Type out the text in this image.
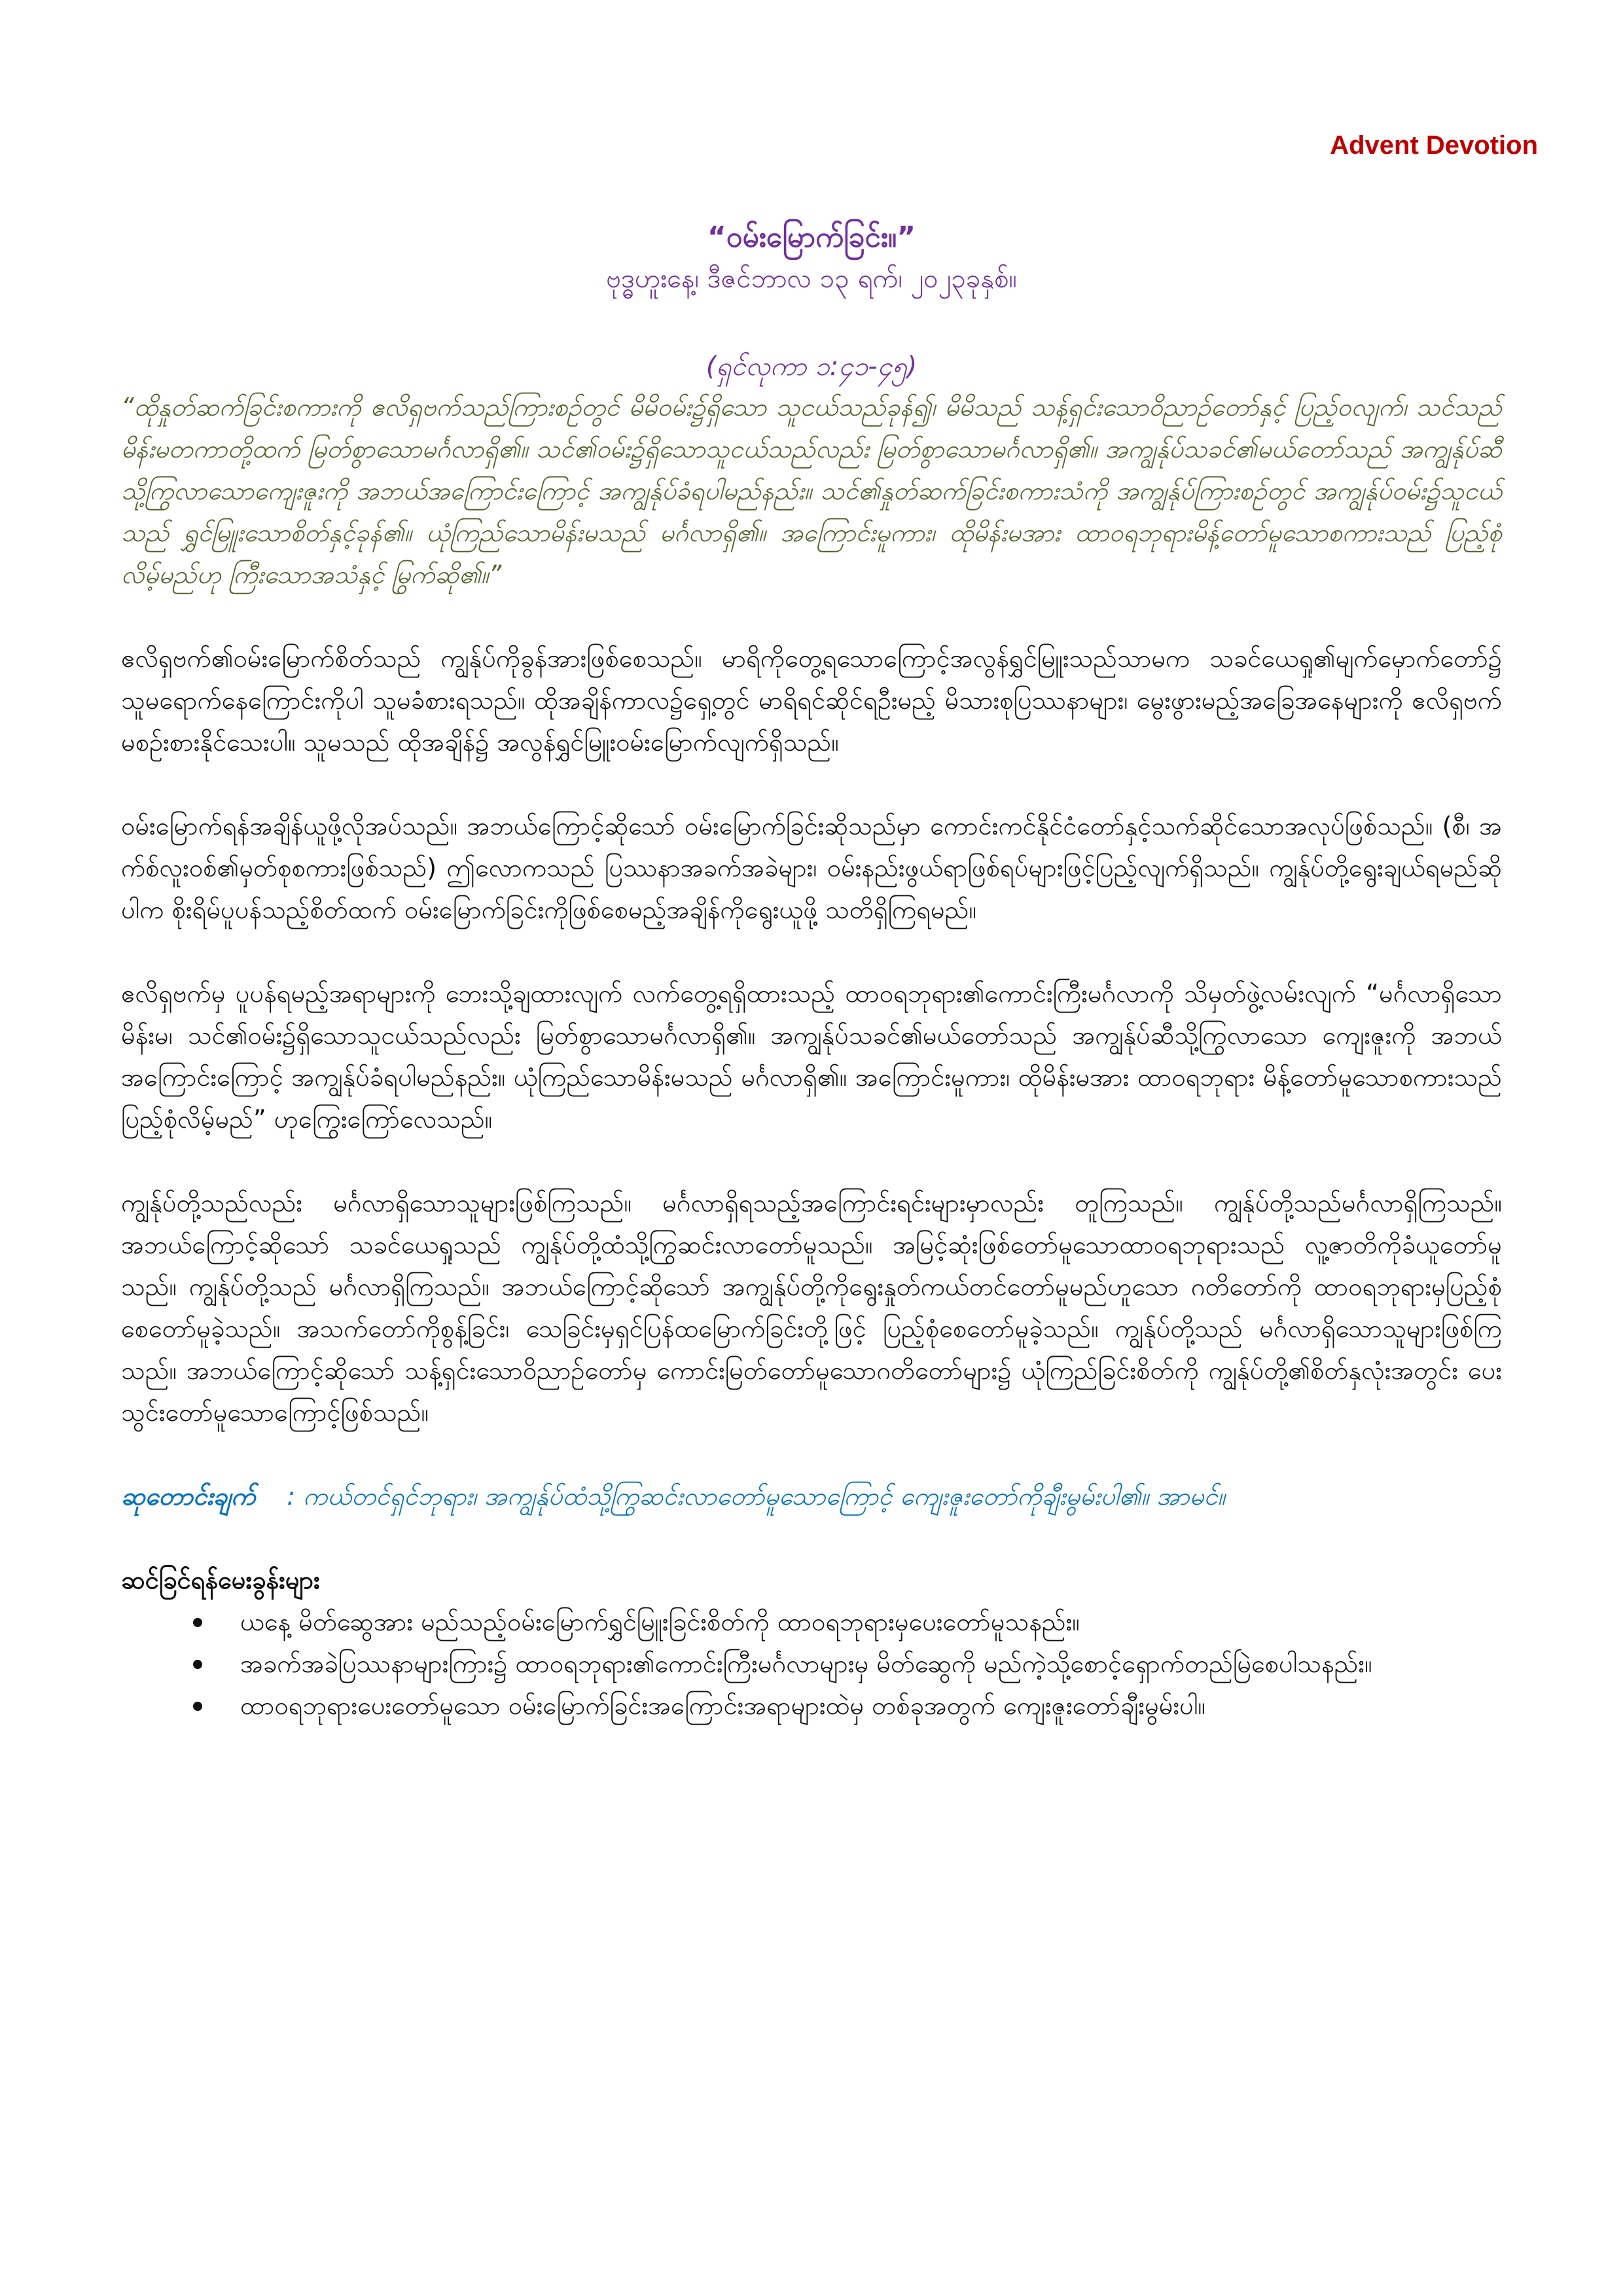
Advent Devotion

“ဝမ်းမြောက်ခြင်း။”

ဗုဒ္ဓဟူးနေ့၊ ဒီဇင်ဘာလ ၁၃ ရက်၊ ၂၀၂၃ခုနှစ်။

(ရှင်လုကာ ၁:၄၁-၄၅)

“ထိုနှုတ်ဆက်ခြင်းစကားကို ဧလိရှဗက်သည်ကြားစဉ်တွင် မိမိဝမ်း၌ရှိသော သူငယ်သည်ခုန်၍၊ မိမိသည် သန့်ရှင်းသောဝိညာဉ်တော်နှင့် ပြည့်ဝလျက်၊ သင်သည် မိန်းမတကာတို့ထက် မြတ်စွာသောမင်္ဂလာရှိ၏။ သင်၏ဝမ်း၌ရှိသောသူငယ်သည်လည်း မြတ်စွာသောမင်္ဂလာရှိ၏။ အကျွန်ုပ်သခင်၏မယ်တော်သည် အကျွန်ုပ်ဆီသို့ကြွလာသောကျေးဇူးကို အဘယ်အကြောင်းကြောင့် အကျွန်ုပ်ခံရပါမည်နည်း။ သင်၏နှုတ်ဆက်ခြင်းစကားသံကို အကျွန်ုပ်ကြားစဉ်တွင် အကျွန်ုပ်ဝမ်း၌သူငယ်သည် ရွှင်မြူးသောစိတ်နှင့်ခုန်၏။ ယုံကြည်သောမိန်းမသည် မင်္ဂလာရှိ၏။ အကြောင်းမူကား၊ ထိုမိန်းမအား ထာဝရဘုရားမိန့်တော်မူသောစကားသည် ပြည့်စုံလိမ့်မည်ဟု ကြီးသောအသံနှင့် မြွက်ဆို၏။”

ဧလိရှဗက်၏ဝမ်းမြောက်စိတ်သည် ကျွန်ုပ်ကိုခွန်အားဖြစ်စေသည်။ မာရိကိုတွေ့ရသောကြောင့်အလွန်ရွှင်မြူးသည်သာမက သခင်ယေရှု၏မျက်မှောက်တော်၌ သူမရောက်နေကြောင်းကိုပါ သူမခံစားရသည်။ ထိုအချိန်ကာလ၌ရှေ့တွင် မာရိရင်ဆိုင်ရဦးမည့် မိသားစုပြဿနာများ၊ မွေးဖွားမည့်အခြေအနေများကို ဧလိရှဗက်မစဉ်းစားနိုင်သေးပါ။ သူမသည် ထိုအချိန်၌ အလွန်ရွှင်မြူးဝမ်းမြောက်လျက်ရှိသည်။

ဝမ်းမြောက်ရန်အချိန်ယူဖို့လိုအပ်သည်။ အဘယ်ကြောင့်ဆိုသော် ဝမ်းမြောက်ခြင်းဆိုသည်မှာ ကောင်းကင်နိုင်ငံတော်နှင့်သက်ဆိုင်သောအလုပ်ဖြစ်သည်။ (စီ၊ အက်စ်လူးဝစ်၏မှတ်စုစကားဖြစ်သည်) ဤလောကသည် ပြဿနာအခက်အခဲများ၊ ဝမ်းနည်းဖွယ်ရာဖြစ်ရပ်များဖြင့်ပြည့်လျက်ရှိသည်။ ကျွန်ုပ်တို့ရွေးချယ်ရမည်ဆိုပါက စိုးရိမ်ပူပန်သည့်စိတ်ထက် ဝမ်းမြောက်ခြင်းကိုဖြစ်စေမည့်အချိန်ကိုရွေးယူဖို့ သတိရှိကြရမည်။

ဧလိရှဗက်မှ ပူပန်ရမည့်အရာများကို ဘေးသို့ချထားလျက် လက်တွေ့ရရှိထားသည့် ထာဝရဘုရား၏ကောင်းကြီးမင်္ဂလာကို သိမှတ်ဖွဲ့လမ်းလျက် “မင်္ဂလာရှိသောမိန်းမ၊ သင်၏ဝမ်း၌ရှိသောသူငယ်သည်လည်း မြတ်စွာသောမင်္ဂလာရှိ၏။ အကျွန်ုပ်သခင်၏မယ်တော်သည် အကျွန်ုပ်ဆီသို့ကြွလာသော ကျေးဇူးကို အဘယ်အကြောင်းကြောင့် အကျွန်ုပ်ခံရပါမည်နည်း။ ယုံကြည်သောမိန်းမသည် မင်္ဂလာရှိ၏။ အကြောင်းမူကား၊ ထိုမိန်းမအား ထာဝရဘုရား မိန့်တော်မူသောစကားသည် ပြည့်စုံလိမ့်မည်” ဟုကြွေးကြော်လေသည်။

ကျွန်ုပ်တို့သည်လည်း မင်္ဂလာရှိသောသူများဖြစ်ကြသည်။ မင်္ဂလာရှိရသည့်အကြောင်းရင်းများမှာလည်း တူကြသည်။ ကျွန်ုပ်တို့သည်မင်္ဂလာရှိကြသည်။ အဘယ်ကြောင့်ဆိုသော် သခင်ယေရှုသည် ကျွန်ုပ်တို့ထံသို့ကြွဆင်းလာတော်မူသည်။ အမြင့်ဆုံးဖြစ်တော်မူသောထာဝရဘုရားသည် လူ့ဇာတိကိုခံယူတော်မူသည်။ ကျွန်ုပ်တို့သည် မင်္ဂလာရှိကြသည်။ အဘယ်ကြောင့်ဆိုသော် အကျွန်ုပ်တို့ကိုရွေးနှုတ်ကယ်တင်တော်မူမည်ဟူသော ဂတိတော်ကို ထာဝရဘုရားမှပြည့်စုံစေတော်မူခဲ့သည်။ အသက်တော်ကိုစွန့်ခြင်း၊ သေခြင်းမှရှင်ပြန်ထမြောက်ခြင်းတို့ဖြင့် ပြည့်စုံစေတော်မူခဲ့သည်။ ကျွန်ုပ်တို့သည် မင်္ဂလာရှိသောသူများဖြစ်ကြသည်။ အဘယ်ကြောင့်ဆိုသော် သန့်ရှင်းသောဝိညာဉ်တော်မှ ကောင်းမြတ်တော်မူသောဂတိတော်များ၌ ယုံကြည်ခြင်းစိတ်ကို ကျွန်ုပ်တို့၏စိတ်နှလုံးအတွင်း ပေးသွင်းတော်မူသောကြောင့်ဖြစ်သည်။

ဆုတောင်းချက် : ကယ်တင်ရှင်ဘုရား၊ အကျွန်ုပ်ထံသို့ကြွဆင်းလာတော်မူသောကြောင့် ကျေးဇူးတော်ကိုချီးမွမ်းပါ၏။ အာမင်။

ဆင်ခြင်ရန်မေးခွန်းများ

ယနေ့ မိတ်ဆွေအား မည်သည့်ဝမ်းမြောက်ရွှင်မြူးခြင်းစိတ်ကို ထာဝရဘုရားမှပေးတော်မူသနည်း။
အခက်အခဲပြဿနာများကြား၌ ထာဝရဘုရား၏ကောင်းကြီးမင်္ဂလာများမှ မိတ်ဆွေကို မည်ကဲ့သို့စောင့်ရှောက်တည်မြဲစေပါသနည်း။
ထာဝရဘုရားပေးတော်မူသော ဝမ်းမြောက်ခြင်းအကြောင်းအရာများထဲမှ တစ်ခုအတွက် ကျေးဇူးတော်ချီးမွမ်းပါ။
